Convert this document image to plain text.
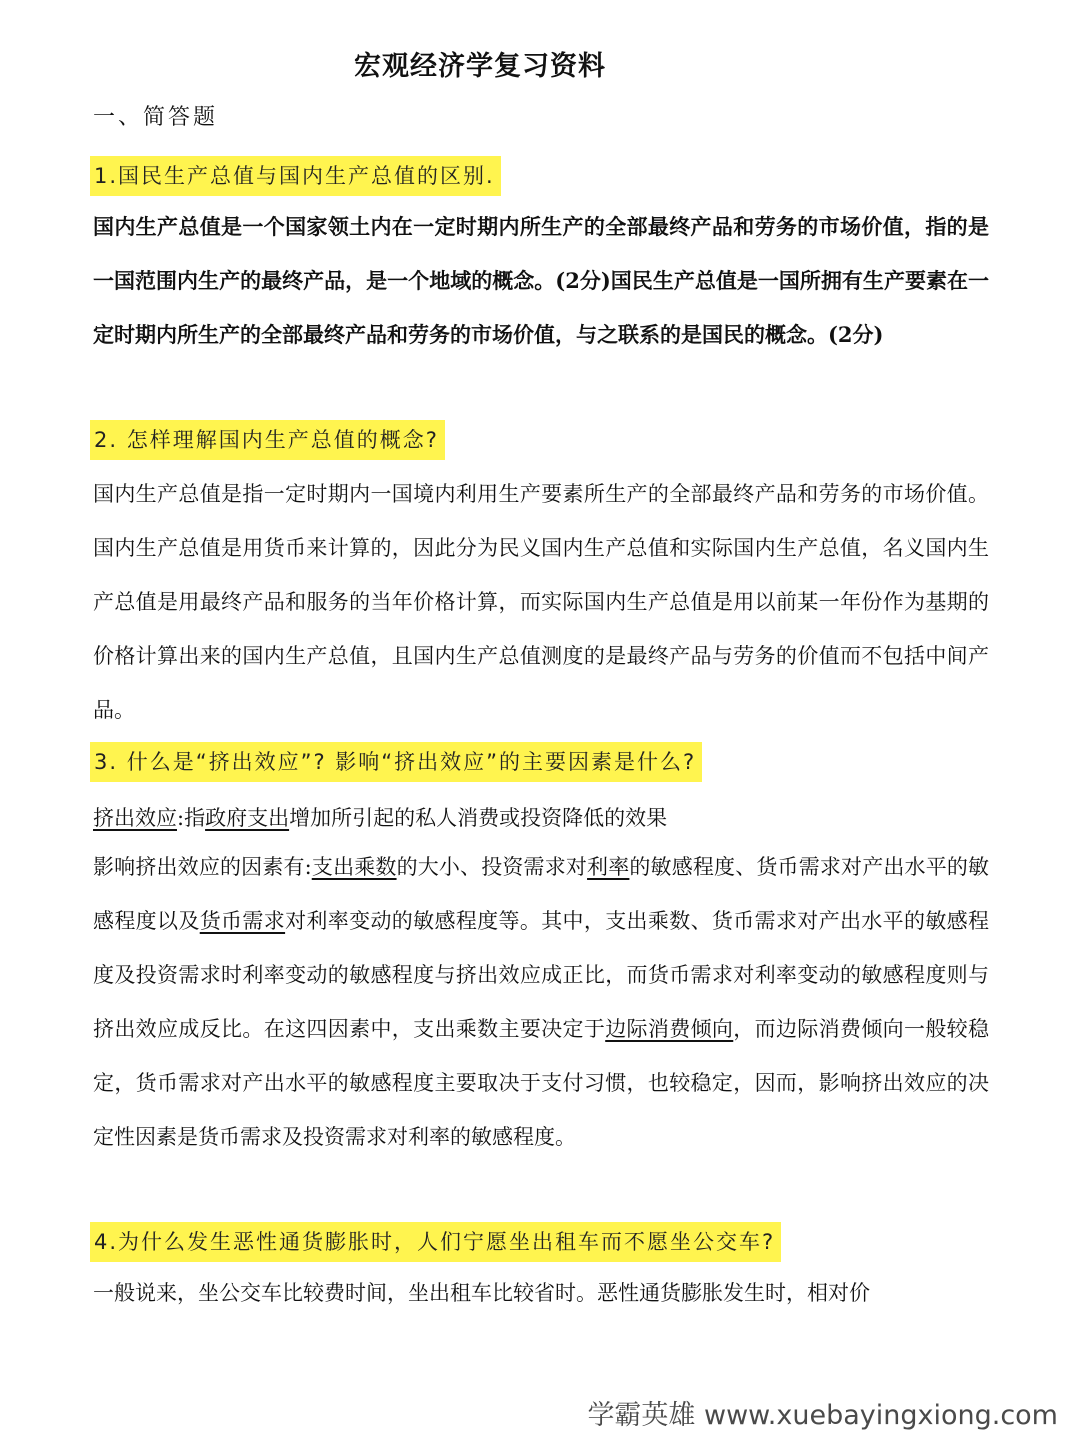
宏观经济学复习资料
一、简答题
1.国民生产总值与国内生产总值的区别.
国内生产总值是一个国家领土内在一定时期内所生产的全部最终产品和劳务的市场价值，指的是一国范围内生产的最终产品，是一个地域的概念。(2分)国民生产总值是一国所拥有生产要素在一定时期内所生产的全部最终产品和劳务的市场价值，与之联系的是国民的概念。(2分)
2. 怎样理解国内生产总值的概念?
国内生产总值是指一定时期内一国境内利用生产要素所生产的全部最终产品和劳务的市场价值。国内生产总值是用货币来计算的，因此分为民义国内生产总值和实际国内生产总值，名义国内生产总值是用最终产品和服务的当年价格计算，而实际国内生产总值是用以前某一年份作为基期的价格计算出来的国内生产总值，且国内生产总值测度的是最终产品与劳务的价值而不包括中间产品。
3. 什么是“挤出效应”? 影响“挤出效应”的主要因素是什么?
挤出效应:指政府支出增加所引起的私人消费或投资降低的效果
影响挤出效应的因素有:支出乘数的大小、投资需求对利率的敏感程度、货币需求对产出水平的敏感程度以及货币需求对利率变动的敏感程度等。其中，支出乘数、货币需求对产出水平的敏感程度及投资需求时利率变动的敏感程度与挤出效应成正比，而货币需求对利率变动的敏感程度则与挤出效应成反比。在这四因素中，支出乘数主要决定于边际消费倾向，而边际消费倾向一般较稳定，货币需求对产出水平的敏感程度主要取决于支付习惯，也较稳定，因而，影响挤出效应的决定性因素是货币需求及投资需求对利率的敏感程度。
4.为什么发生恶性通货膨胀时，人们宁愿坐出租车而不愿坐公交车?
一般说来，坐公交车比较费时间，坐出租车比较省时。恶性通货膨胀发生时，相对价
学霸英雄 www.xuebayingxiong.com
